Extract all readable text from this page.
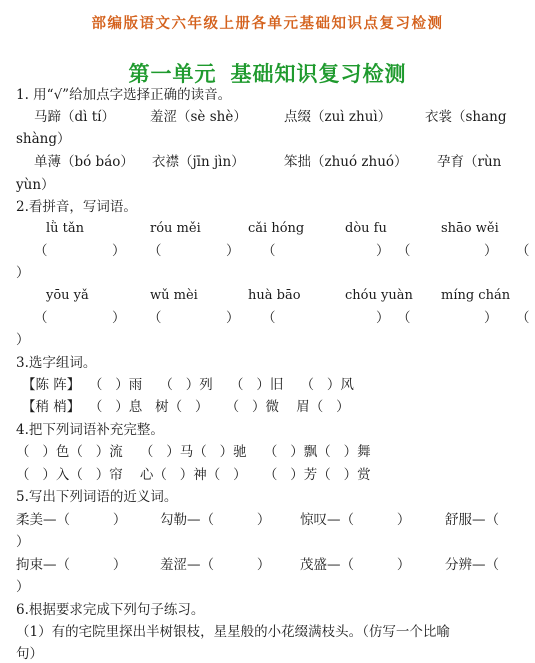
部编版语文六年级上册各单元基础知识点复习检测
第一单元 基础知识复习检测
1. 用“√”给加点字选择正确的读音。
马蹄（dì tí）	羞涩（sè shè）	点缀（zuì zhuì）	衣裳（shang
shàng）
单薄（bó báo） 衣襟（jīn jìn）	笨拙（zhuó zhuó） 孕育（rùn
yùn）
2.看拼音，写词语。
lǜ tǎn	róu měi	cǎi hóng	dòu fu	shāo wěi
（	） （	） （	） （	） （
）
yōu yǎ	wǔ mèi	huà bāo	chóu yuàn míng chán
（	） （	） （	） （	） （
）
3.选字组词。
【陈 阵】  （   ）雨    （   ）列    （   ）旧    （   ）风
【稍 梢】  （   ）息   树（   ）    （   ）微    眉（   ）
4.把下列词语补充完整。
（   ）色（   ）流    （   ）马（   ）驰    （   ）飘（   ）舞
（   ）入（   ）帘    心（   ）神（   ）    （   ）芳（   ）赏
5.写出下列词语的近义词。
柔美—（          ） 勾勒—（          ） 惊叹—（          ）	舒服—（
）
拘束—（          ） 羞涩—（          ） 茂盛—（          ）	分辨—（
）
6.根据要求完成下列句子练习。
（1）有的宅院里探出半树银枝，星星般的小花缀满枝头。（仿写一个比喻
句）
